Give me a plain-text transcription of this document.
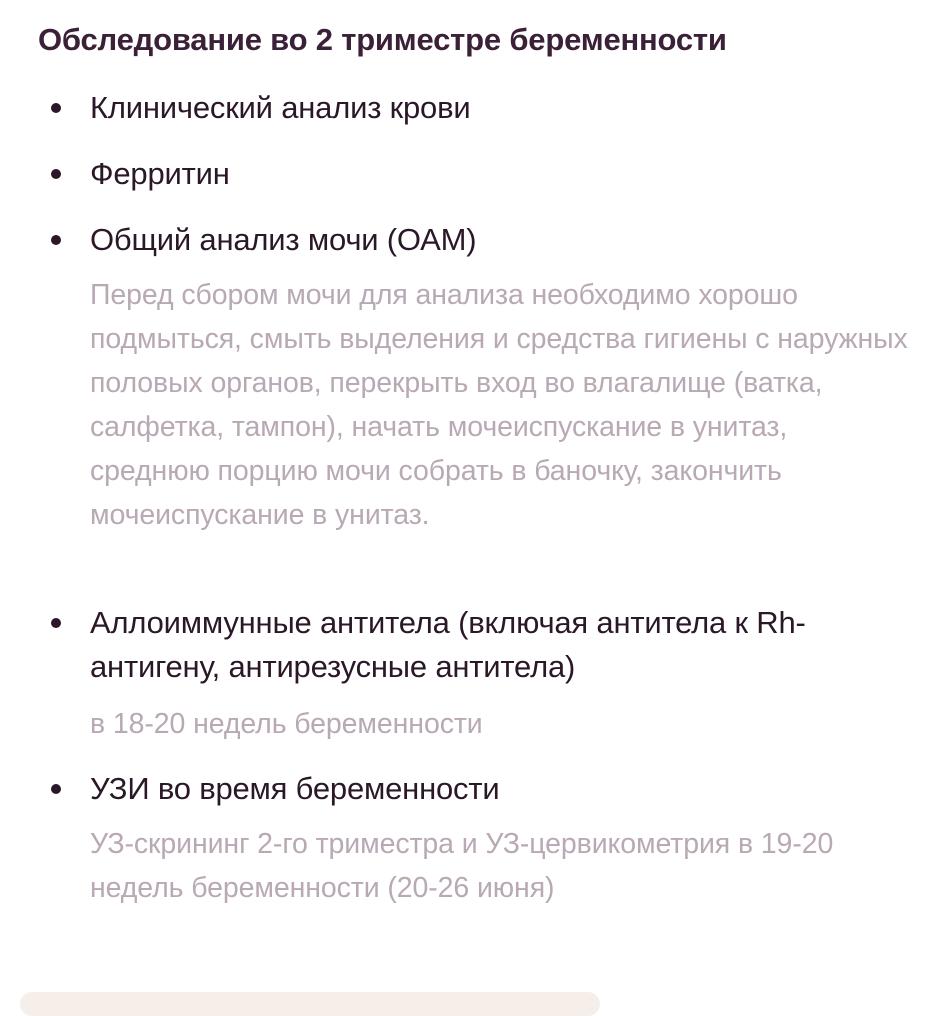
Обследование во 2 триместре беременности
Клинический анализ крови
Ферритин
Общий анализ мочи (ОАМ)
Перед сбором мочи для анализа необходимо хорошо подмыться, смыть выделения и средства гигиены с наружных половых органов, перекрыть вход во влагалище (ватка, салфетка, тампон), начать мочеиспускание в унитаз, среднюю порцию мочи собрать в баночку, закончить мочеиспускание в унитаз.
Аллоиммунные антитела (включая антитела к Rh-антигену, антирезусные антитела)
в 18-20 недель беременности
УЗИ во время беременности
УЗ-скрининг 2-го триместра и УЗ-цервикометрия в 19-20 недель беременности (20-26 июня)
